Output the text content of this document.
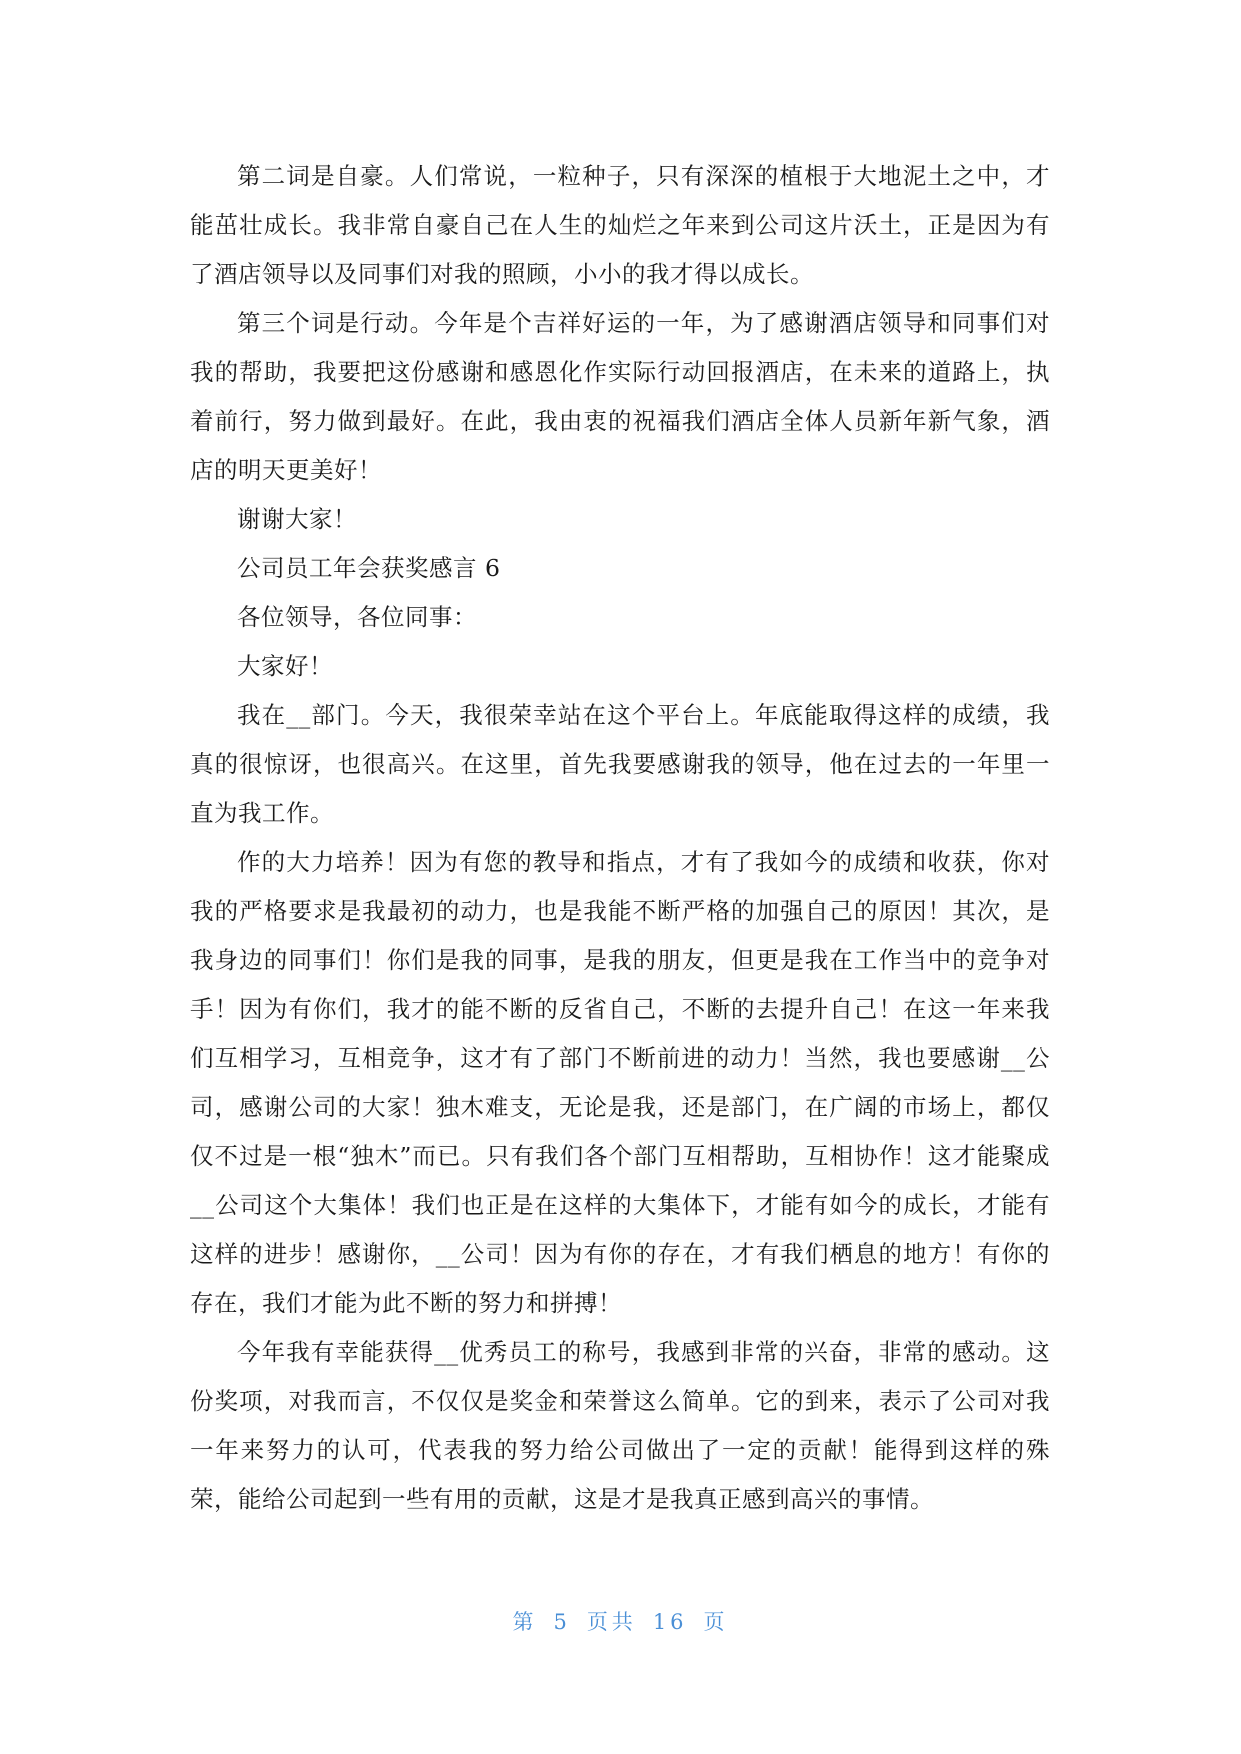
第二词是自豪。人们常说，一粒种子，只有深深的植根于大地泥土之中，才能茁壮成长。我非常自豪自己在人生的灿烂之年来到公司这片沃土，正是因为有了酒店领导以及同事们对我的照顾，小小的我才得以成长。

第三个词是行动。今年是个吉祥好运的一年，为了感谢酒店领导和同事们对我的帮助，我要把这份感谢和感恩化作实际行动回报酒店，在未来的道路上，执着前行，努力做到最好。在此，我由衷的祝福我们酒店全体人员新年新气象，酒店的明天更美好！

谢谢大家！

公司员工年会获奖感言 6

各位领导，各位同事：

大家好！

我在__部门。今天，我很荣幸站在这个平台上。年底能取得这样的成绩，我真的很惊讶，也很高兴。在这里，首先我要感谢我的领导，他在过去的一年里一直为我工作。

作的大力培养！因为有您的教导和指点，才有了我如今的成绩和收获，你对我的严格要求是我最初的动力，也是我能不断严格的加强自己的原因！其次，是我身边的同事们！你们是我的同事，是我的朋友，但更是我在工作当中的竞争对手！因为有你们，我才的能不断的反省自己，不断的去提升自己！在这一年来我们互相学习，互相竞争，这才有了部门不断前进的动力！当然，我也要感谢__公司，感谢公司的大家！独木难支，无论是我，还是部门，在广阔的市场上，都仅仅不过是一根“独木”而已。只有我们各个部门互相帮助，互相协作！这才能聚成__公司这个大集体！我们也正是在这样的大集体下，才能有如今的成长，才能有这样的进步！感谢你，__公司！因为有你的存在，才有我们栖息的地方！有你的存在，我们才能为此不断的努力和拼搏！

今年我有幸能获得__优秀员工的称号，我感到非常的兴奋，非常的感动。这份奖项，对我而言，不仅仅是奖金和荣誉这么简单。它的到来，表示了公司对我一年来努力的认可，代表我的努力给公司做出了一定的贡献！能得到这样的殊荣，能给公司起到一些有用的贡献，这是才是我真正感到高兴的事情。

第 5 页共 16 页
